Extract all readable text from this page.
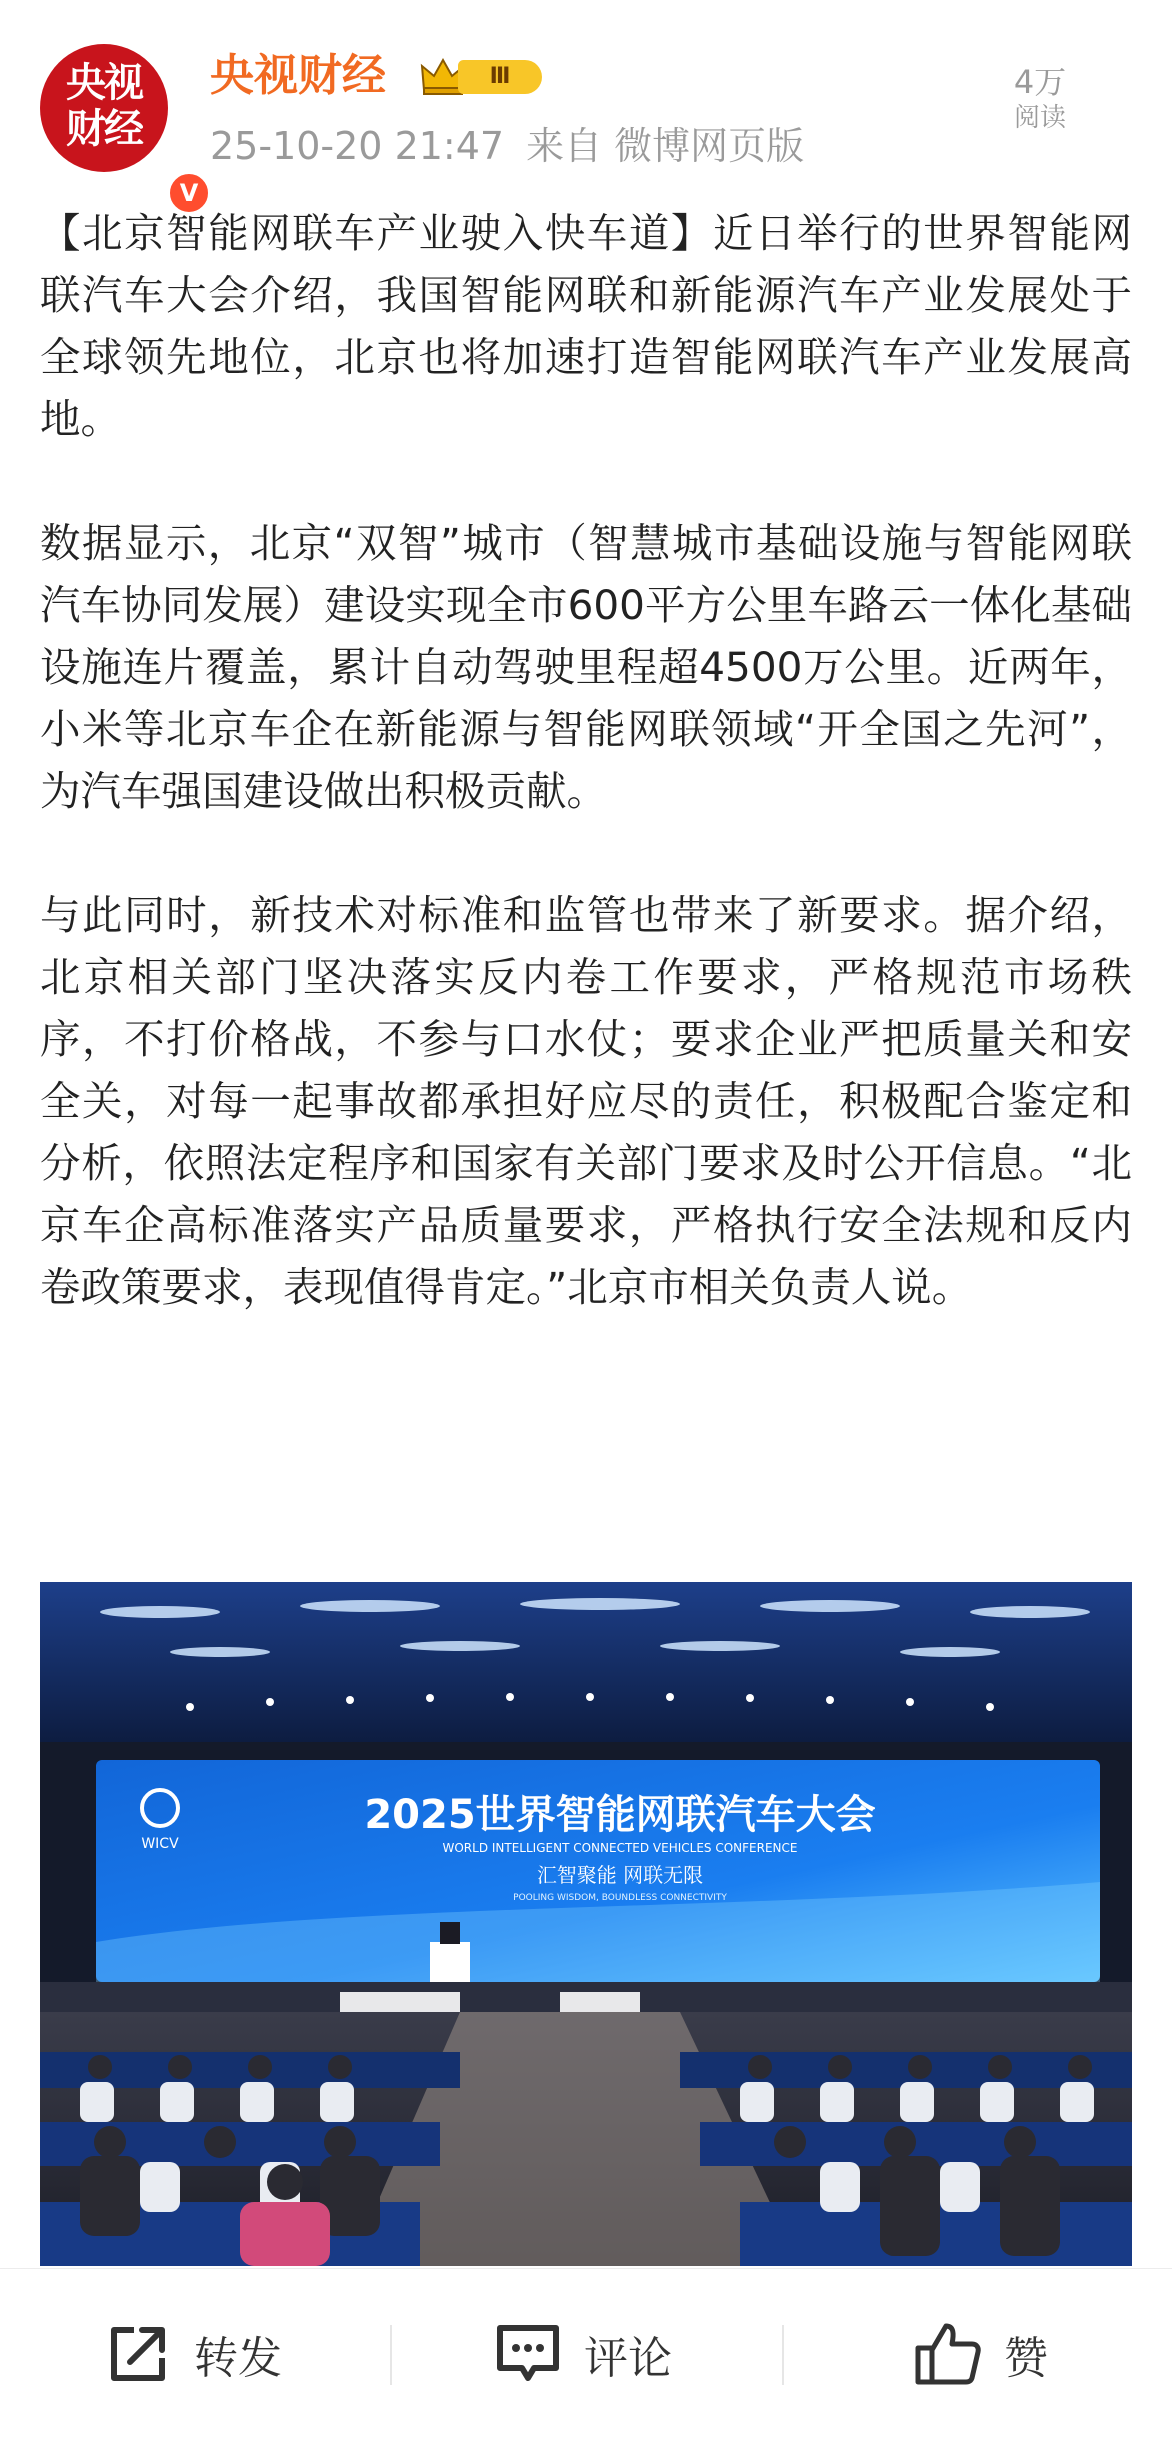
央视
财经
V
央视财经	Ⅲ
25-10-20 21:47 来自 微博网页版
4万
阅读

【北京智能网联车产业驶入快车道】近日举行的世界智能网联汽车大会介绍，我国智能网联和新能源汽车产业发展处于全球领先地位，北京也将加速打造智能网联汽车产业发展高地。

数据显示，北京“双智”城市（智慧城市基础设施与智能网联汽车协同发展）建设实现全市600平方公里车路云一体化基础设施连片覆盖，累计自动驾驶里程超4500万公里。近两年，小米等北京车企在新能源与智能网联领域“开全国之先河”，为汽车强国建设做出积极贡献。

与此同时，新技术对标准和监管也带来了新要求。据介绍，北京相关部门坚决落实反内卷工作要求，严格规范市场秩序，不打价格战，不参与口水仗；要求企业严把质量关和安全关，对每一起事故都承担好应尽的责任，积极配合鉴定和分析，依照法定程序和国家有关部门要求及时公开信息。“北京车企高标准落实产品质量要求，严格执行安全法规和反内卷政策要求，表现值得肯定。”北京市相关负责人说。

WICV
2025世界智能网联汽车大会
WORLD INTELLIGENT CONNECTED VEHICLES CONFERENCE
汇智聚能 网联无限
POOLING WISDOM, BOUNDLESS CONNECTIVITY
转发	评论	赞
